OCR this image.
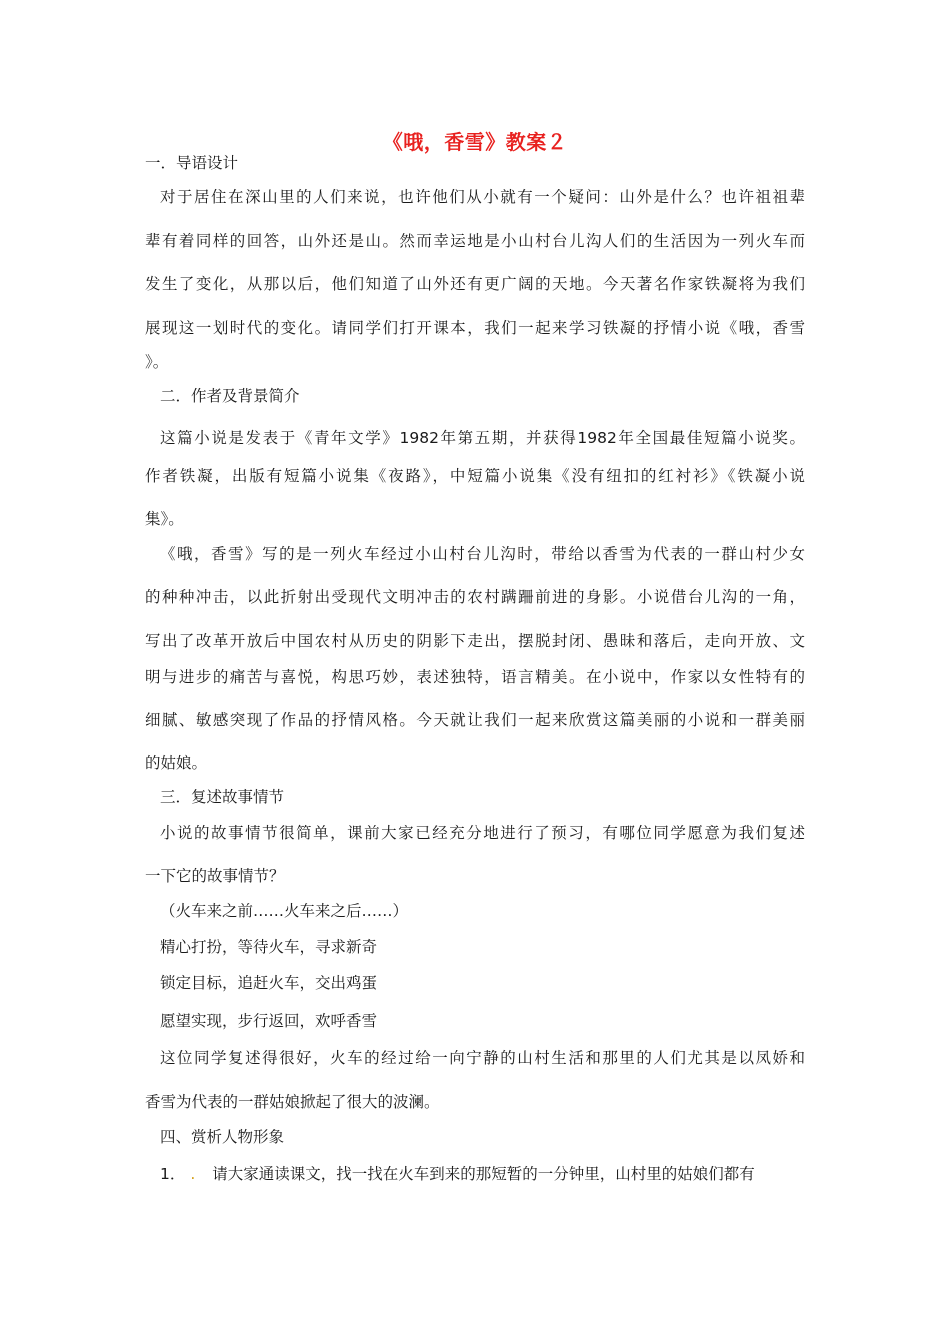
《哦，香雪》教案２
一．导语设计
对于居住在深山里的人们来说，也许他们从小就有一个疑问：山外是什么？也许祖祖辈
辈有着同样的回答，山外还是山。然而幸运地是小山村台儿沟人们的生活因为一列火车而
发生了变化，从那以后，他们知道了山外还有更广阔的天地。今天著名作家铁凝将为我们
展现这一划时代的变化。请同学们打开课本，我们一起来学习铁凝的抒情小说《哦，香雪
》。
二．作者及背景简介
这篇小说是发表于《青年文学》1982年第五期，并获得1982年全国最佳短篇小说奖。
作者铁凝，出版有短篇小说集《夜路》，中短篇小说集《没有纽扣的红衬衫》《铁凝小说
集》。
《哦，香雪》写的是一列火车经过小山村台儿沟时，带给以香雪为代表的一群山村少女
的种种冲击，以此折射出受现代文明冲击的农村蹒跚前进的身影。小说借台儿沟的一角，
写出了改革开放后中国农村从历史的阴影下走出，摆脱封闭、愚昧和落后，走向开放、文
明与进步的痛苦与喜悦，构思巧妙，表述独特，语言精美。在小说中，作家以女性特有的
细腻、敏感突现了作品的抒情风格。今天就让我们一起来欣赏这篇美丽的小说和一群美丽
的姑娘。
三．复述故事情节
小说的故事情节很简单，课前大家已经充分地进行了预习，有哪位同学愿意为我们复述
一下它的故事情节？
（火车来之前……火车来之后……）
精心打扮，等待火车，寻求新奇
锁定目标，追赶火车，交出鸡蛋
愿望实现，步行返回，欢呼香雪
这位同学复述得很好，火车的经过给一向宁静的山村生活和那里的人们尤其是以凤娇和
香雪为代表的一群姑娘掀起了很大的波澜。
四、赏析人物形象
1． . 请大家通读课文，找一找在火车到来的那短暂的一分钟里，山村里的姑娘们都有
